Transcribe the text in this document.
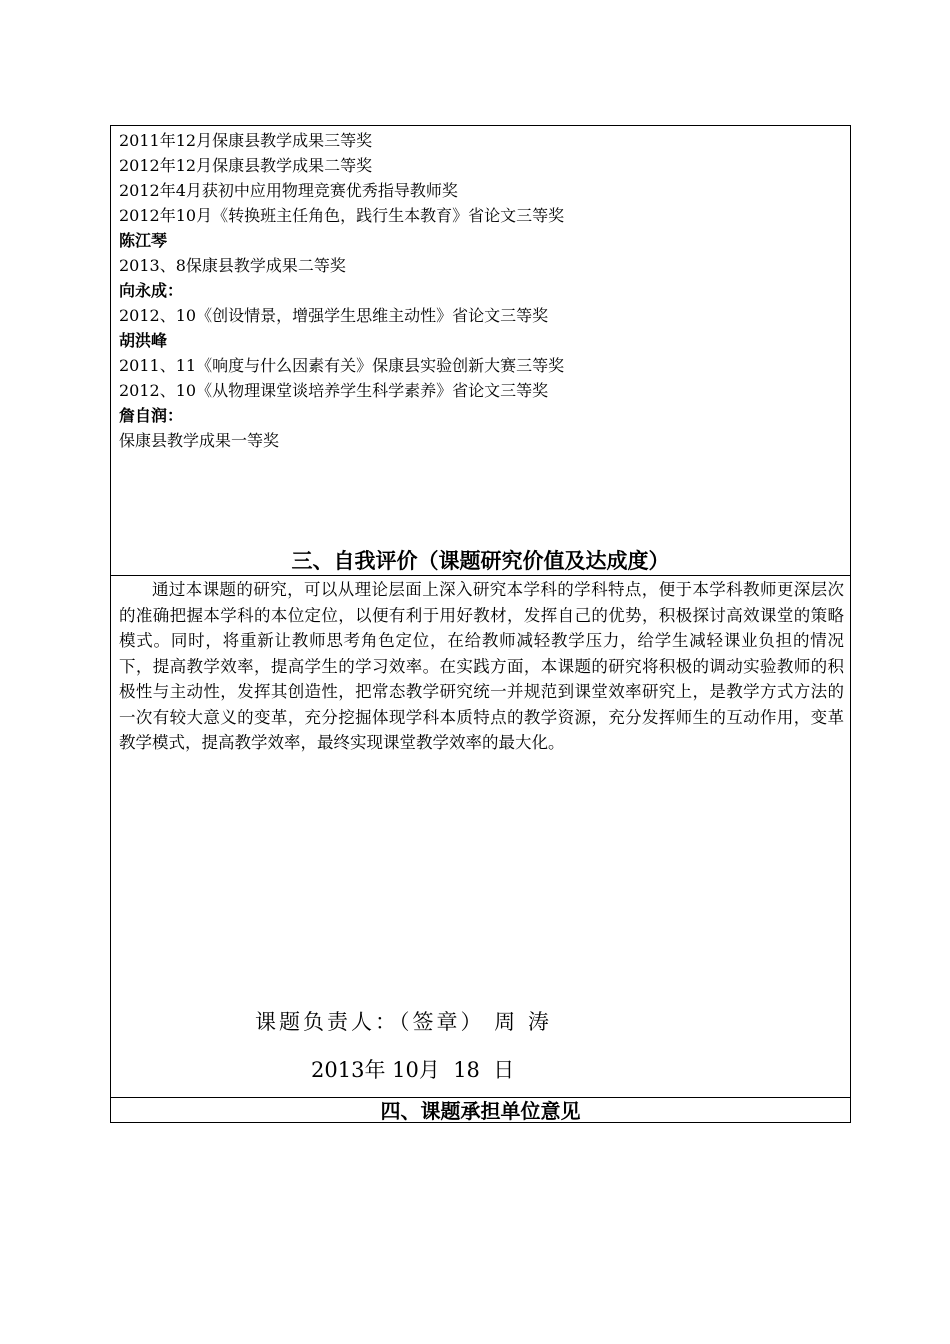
2011年12月保康县教学成果三等奖
2012年12月保康县教学成果二等奖
2012年4月获初中应用物理竞赛优秀指导教师奖
2012年10月《转换班主任角色，践行生本教育》省论文三等奖
陈江琴
2013、8保康县教学成果二等奖
向永成：
2012、10《创设情景，增强学生思维主动性》省论文三等奖
胡洪峰
2011、11《响度与什么因素有关》保康县实验创新大赛三等奖
2012、10《从物理课堂谈培养学生科学素养》省论文三等奖
詹自润：
保康县教学成果一等奖
三、自我评价（课题研究价值及达成度）
通过本课题的研究，可以从理论层面上深入研究本学科的学科特点，便于本学科教师更深层次的准确把握本学科的本位定位，以便有利于用好教材，发挥自己的优势，积极探讨高效课堂的策略模式。同时，将重新让教师思考角色定位，在给教师减轻教学压力，给学生减轻课业负担的情况下，提高教学效率，提高学生的学习效率。在实践方面，本课题的研究将积极的调动实验教师的积极性与主动性，发挥其创造性，把常态教学研究统一并规范到课堂效率研究上，是教学方式方法的一次有较大意义的变革，充分挖掘体现学科本质特点的教学资源，充分发挥师生的互动作用，变革教学模式，提高教学效率，最终实现课堂教学效率的最大化。
课题负责人：（签章） 周 涛
2013年 10月  18  日
四、课题承担单位意见
